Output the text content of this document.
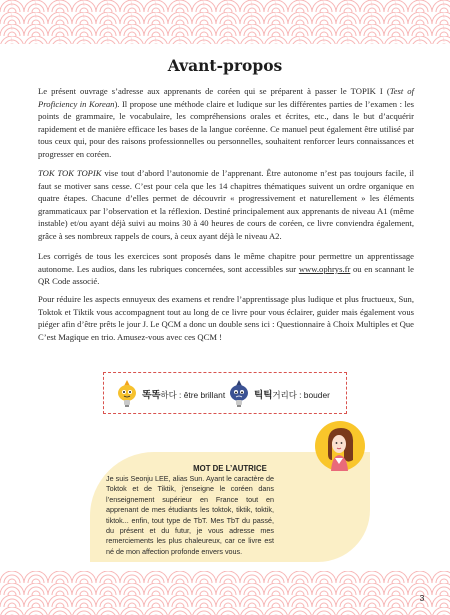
Avant-propos
Le présent ouvrage s’adresse aux apprenants de coréen qui se préparent à passer le TOPIK I (Test of Proficiency in Korean). Il propose une méthode claire et ludique sur les différentes parties de l’examen : les points de grammaire, le vocabulaire, les compréhensions orales et écrites, etc., dans le but d’acquérir rapidement et de manière efficace les bases de la langue coréenne. Ce manuel peut également être utilisé par tous ceux qui, pour des raisons professionnelles ou personnelles, souhaitent renforcer leurs connaissances et progresser en coréen.
TOK TOK TOPIK vise tout d’abord l’autonomie de l’apprenant. Être autonome n’est pas toujours facile, il faut se motiver sans cesse. C’est pour cela que les 14 chapitres thématiques suivent un ordre organique en quatre étapes. Chacune d’elles permet de découvrir « progressivement et naturellement » les éléments grammaticaux par l’observation et la réflexion. Destiné principalement aux apprenants de niveau A1 (même instable) et/ou ayant déjà suivi au moins 30 à 40 heures de cours de coréen, ce livre conviendra également, grâce à ses nombreux rappels de cours, à ceux ayant déjà le niveau A2.
Les corrigés de tous les exercices sont proposés dans le même chapitre pour permettre un apprentissage autonome. Les audios, dans les rubriques concernées, sont accessibles sur www.ophrys.fr ou en scannant le QR Code associé.
Pour réduire les aspects ennuyeux des examens et rendre l’apprentissage plus ludique et plus fructueux, Sun, Toktok et Tiktik vous accompagnent tout au long de ce livre pour vous éclairer, guider mais également vous piéger afin d’être prêts le jour J. Le QCM a donc un double sens ici : Questionnaire à Choix Multiples et Que C’est Magique en trio. Amusez-vous avec ces QCM !
똑똑하다 : être brillant	틱틱거리다 : bouder
MOT DE L’AUTRICE
Je suis Seonju LEE, alias Sun. Ayant le caractère de Toktok et de Tiktik, j’enseigne le coréen dans l’enseignement supérieur en France tout en apprenant de mes étudiants les toktok, tiktik, toktik, tiktok... enfin, tout type de TbT. Mes TbT du passé, du présent et du futur, je vous adresse mes remerciements les plus chaleureux, car ce livre est né de mon affection profonde envers vous.
3
